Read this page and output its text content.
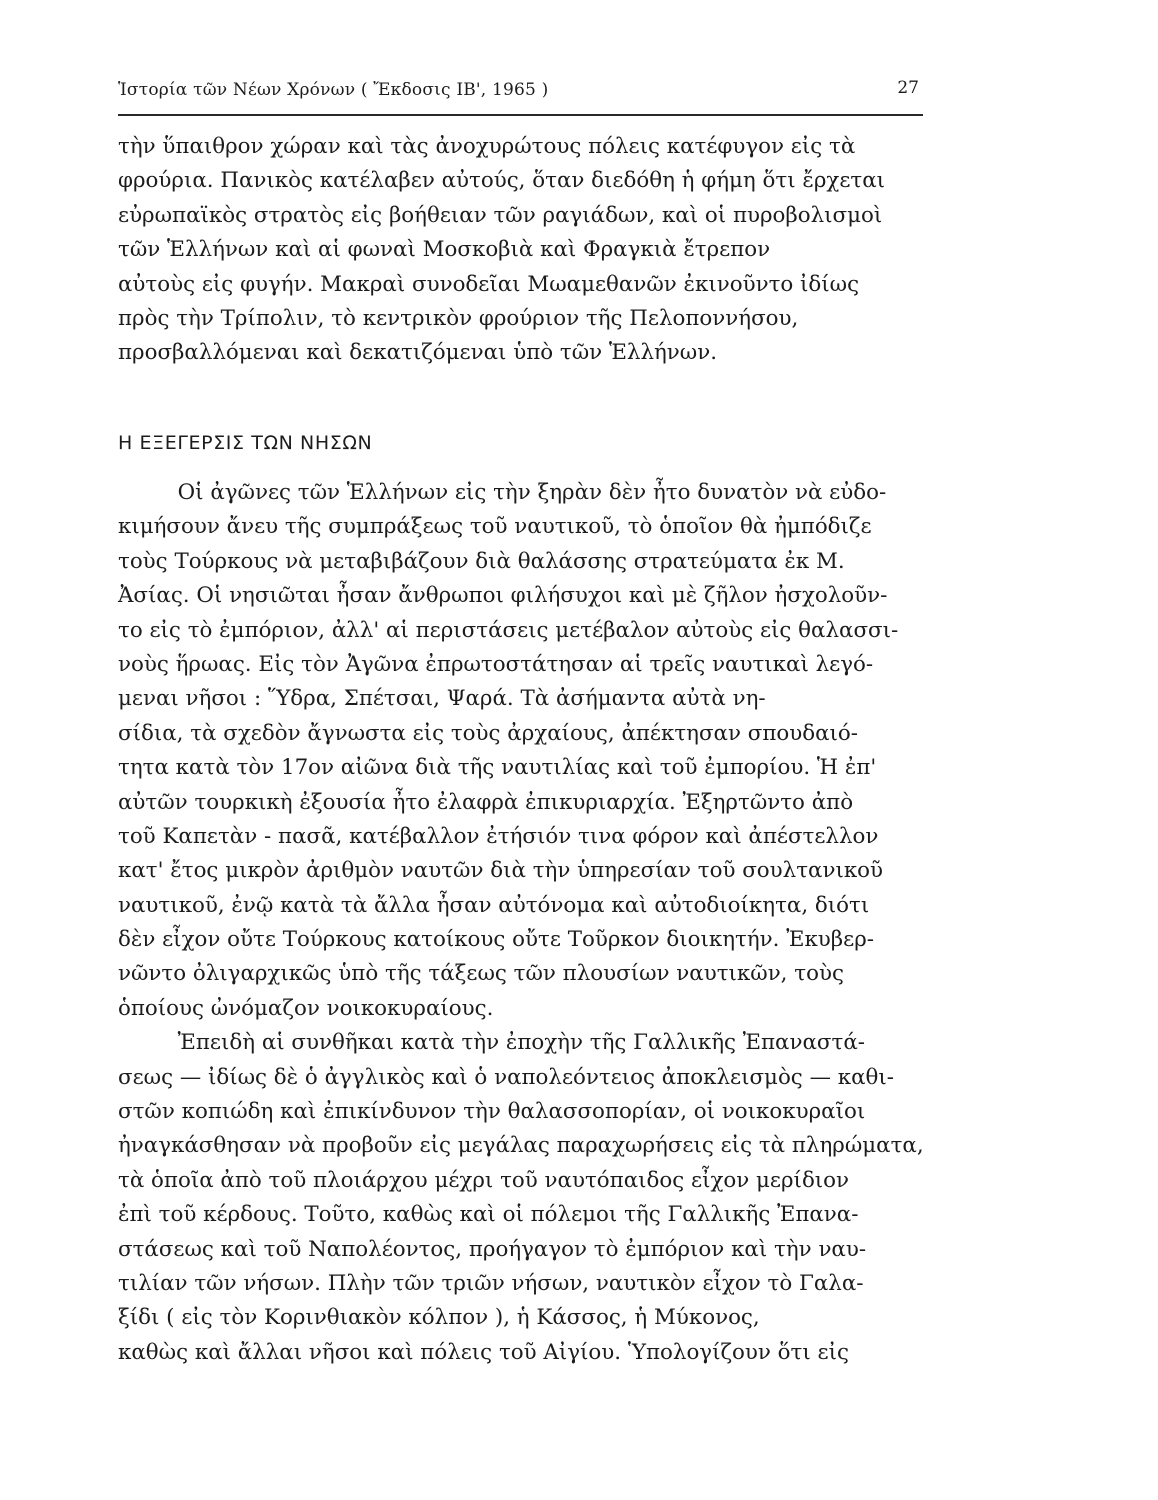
Ἱστορία τῶν Νέων Χρόνων ( Ἔκδοσις ΙΒ', 1965 )	27
τὴν ὕπαιθρον χώραν καὶ τὰς ἀνοχυρώτους πόλεις κατέφυγον εἰς τὰ
φρούρια. Πανικὸς κατέλαβεν αὐτούς, ὅταν διεδόθη ἡ φήμη ὅτι ἔρχεται
εὐρωπαϊκὸς στρατὸς εἰς βοήθειαν τῶν ραγιάδων, καὶ οἱ πυροβολισμοὶ
τῶν Ἑλλήνων καὶ αἱ φωναὶ Μοσκοβιὰ καὶ Φραγκιὰ ἔτρεπον
αὐτοὺς εἰς φυγήν. Μακραὶ συνοδεῖαι Μωαμεθανῶν ἐκινοῦντο ἰδίως
πρὸς τὴν Τρίπολιν, τὸ κεντρικὸν φρούριον τῆς Πελοποννήσου,
προσβαλλόμεναι καὶ δεκατιζόμεναι ὑπὸ τῶν Ἑλλήνων.
Η ΕΞΕΓΕΡΣΙΣ ΤΩΝ ΝΗΣΩΝ
Οἱ ἀγῶνες τῶν Ἑλλήνων εἰς τὴν ξηρὰν δὲν ἦτο δυνατὸν νὰ εὐδο-
κιμήσουν ἄνευ τῆς συμπράξεως τοῦ ναυτικοῦ, τὸ ὁποῖον θὰ ἠμπόδιζε
τοὺς Τούρκους νὰ μεταβιβάζουν διὰ θαλάσσης στρατεύματα ἐκ Μ.
Ἀσίας. Οἱ νησιῶται ἦσαν ἄνθρωποι φιλήσυχοι καὶ μὲ ζῆλον ἠσχολοῦν-
το εἰς τὸ ἐμπόριον, ἀλλ' αἱ περιστάσεις μετέβαλον αὐτοὺς εἰς θαλασσι-
νοὺς ἥρωας. Εἰς τὸν Ἀγῶνα ἐπρωτοστάτησαν αἱ τρεῖς ναυτικαὶ λεγό-
μεναι νῆσοι : Ὕδρα, Σπέτσαι, Ψαρά. Τὰ ἀσήμαντα αὐτὰ νη-
σίδια, τὰ σχεδὸν ἄγνωστα εἰς τοὺς ἀρχαίους, ἀπέκτησαν σπουδαιό-
τητα κατὰ τὸν 17ον αἰῶνα διὰ τῆς ναυτιλίας καὶ τοῦ ἐμπορίου. Ἡ ἐπ'
αὐτῶν τουρκικὴ ἐξουσία ἦτο ἐλαφρὰ ἐπικυριαρχία. Ἐξηρτῶντο ἀπὸ
τοῦ Καπετὰν - πασᾶ, κατέβαλλον ἐτήσιόν τινα φόρον καὶ ἀπέστελλον
κατ' ἔτος μικρὸν ἀριθμὸν ναυτῶν διὰ τὴν ὑπηρεσίαν τοῦ σουλτανικοῦ
ναυτικοῦ, ἐνῷ κατὰ τὰ ἄλλα ἦσαν αὐτόνομα καὶ αὐτοδιοίκητα, διότι
δὲν εἶχον οὔτε Τούρκους κατοίκους οὔτε Τοῦρκον διοικητήν. Ἐκυβερ-
νῶντο ὀλιγαρχικῶς ὑπὸ τῆς τάξεως τῶν πλουσίων ναυτικῶν, τοὺς
ὁποίους ὠνόμαζον νοικοκυραίους.
Ἐπειδὴ αἱ συνθῆκαι κατὰ τὴν ἐποχὴν τῆς Γαλλικῆς Ἐπαναστά-
σεως — ἰδίως δὲ ὁ ἀγγλικὸς καὶ ὁ ναπολεόντειος ἀποκλεισμὸς — καθι-
στῶν κοπιώδη καὶ ἐπικίνδυνον τὴν θαλασσοπορίαν, οἱ νοικοκυραῖοι
ἠναγκάσθησαν νὰ προβοῦν εἰς μεγάλας παραχωρήσεις εἰς τὰ πληρώματα,
τὰ ὁποῖα ἀπὸ τοῦ πλοιάρχου μέχρι τοῦ ναυτόπαιδος εἶχον μερίδιον
ἐπὶ τοῦ κέρδους. Τοῦτο, καθὼς καὶ οἱ πόλεμοι τῆς Γαλλικῆς Ἐπανα-
στάσεως καὶ τοῦ Ναπολέοντος, προήγαγον τὸ ἐμπόριον καὶ τὴν ναυ-
τιλίαν τῶν νήσων. Πλὴν τῶν τριῶν νήσων, ναυτικὸν εἶχον τὸ Γαλα-
ξίδι ( εἰς τὸν Κορινθιακὸν κόλπον ), ἡ Κάσσος, ἡ Μύκονος,
καθὼς καὶ ἄλλαι νῆσοι καὶ πόλεις τοῦ Αἰγίου. Ὑπολογίζουν ὅτι εἰς
